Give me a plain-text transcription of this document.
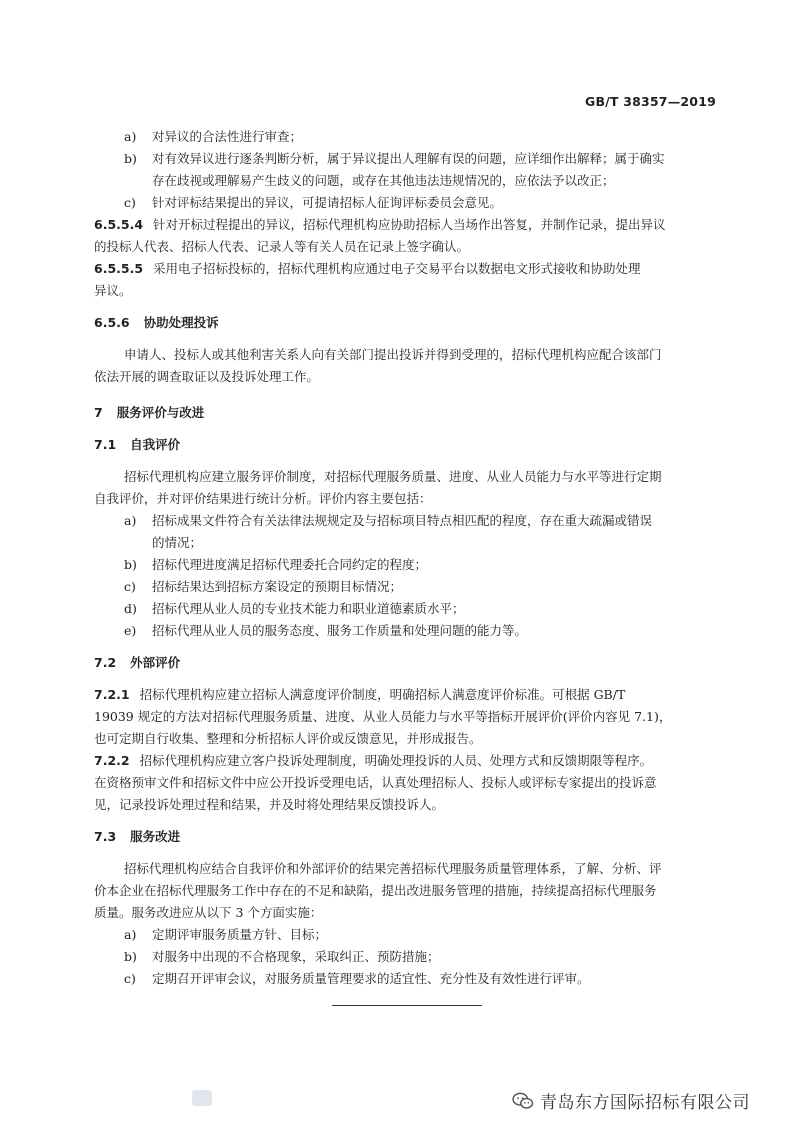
GB/T 38357—2019
a) 对异议的合法性进行审查；
b) 对有效异议进行逐条判断分析，属于异议提出人理解有误的问题，应详细作出解释；属于确实
存在歧视或理解易产生歧义的问题，或存在其他违法违规情况的，应依法予以改正；
c) 针对评标结果提出的异议，可提请招标人征询评标委员会意见。
6.5.5.4 针对开标过程提出的异议，招标代理机构应协助招标人当场作出答复，并制作记录，提出异议
的投标人代表、招标人代表、记录人等有关人员在记录上签字确认。
6.5.5.5 采用电子招标投标的，招标代理机构应通过电子交易平台以数据电文形式接收和协助处理
异议。
6.5.6 协助处理投诉
申请人、投标人或其他利害关系人向有关部门提出投诉并得到受理的，招标代理机构应配合该部门
依法开展的调查取证以及投诉处理工作。
7 服务评价与改进
7.1 自我评价
招标代理机构应建立服务评价制度，对招标代理服务质量、进度、从业人员能力与水平等进行定期
自我评价，并对评价结果进行统计分析。评价内容主要包括：
a) 招标成果文件符合有关法律法规规定及与招标项目特点相匹配的程度，存在重大疏漏或错误
的情况；
b) 招标代理进度满足招标代理委托合同约定的程度；
c) 招标结果达到招标方案设定的预期目标情况；
d) 招标代理从业人员的专业技术能力和职业道德素质水平；
e) 招标代理从业人员的服务态度、服务工作质量和处理问题的能力等。
7.2 外部评价
7.2.1 招标代理机构应建立招标人满意度评价制度，明确招标人满意度评价标准。可根据 GB/T
19039 规定的方法对招标代理服务质量、进度、从业人员能力与水平等指标开展评价(评价内容见 7.1)，
也可定期自行收集、整理和分析招标人评价或反馈意见，并形成报告。
7.2.2 招标代理机构应建立客户投诉处理制度，明确处理投诉的人员、处理方式和反馈期限等程序。
在资格预审文件和招标文件中应公开投诉受理电话，认真处理招标人、投标人或评标专家提出的投诉意
见，记录投诉处理过程和结果，并及时将处理结果反馈投诉人。
7.3 服务改进
招标代理机构应结合自我评价和外部评价的结果完善招标代理服务质量管理体系，了解、分析、评
价本企业在招标代理服务工作中存在的不足和缺陷，提出改进服务管理的措施，持续提高招标代理服务
质量。服务改进应从以下 3 个方面实施：
a) 定期评审服务质量方针、目标；
b) 对服务中出现的不合格现象，采取纠正、预防措施；
c) 定期召开评审会议，对服务质量管理要求的适宜性、充分性及有效性进行评审。
青岛东方国际招标有限公司
